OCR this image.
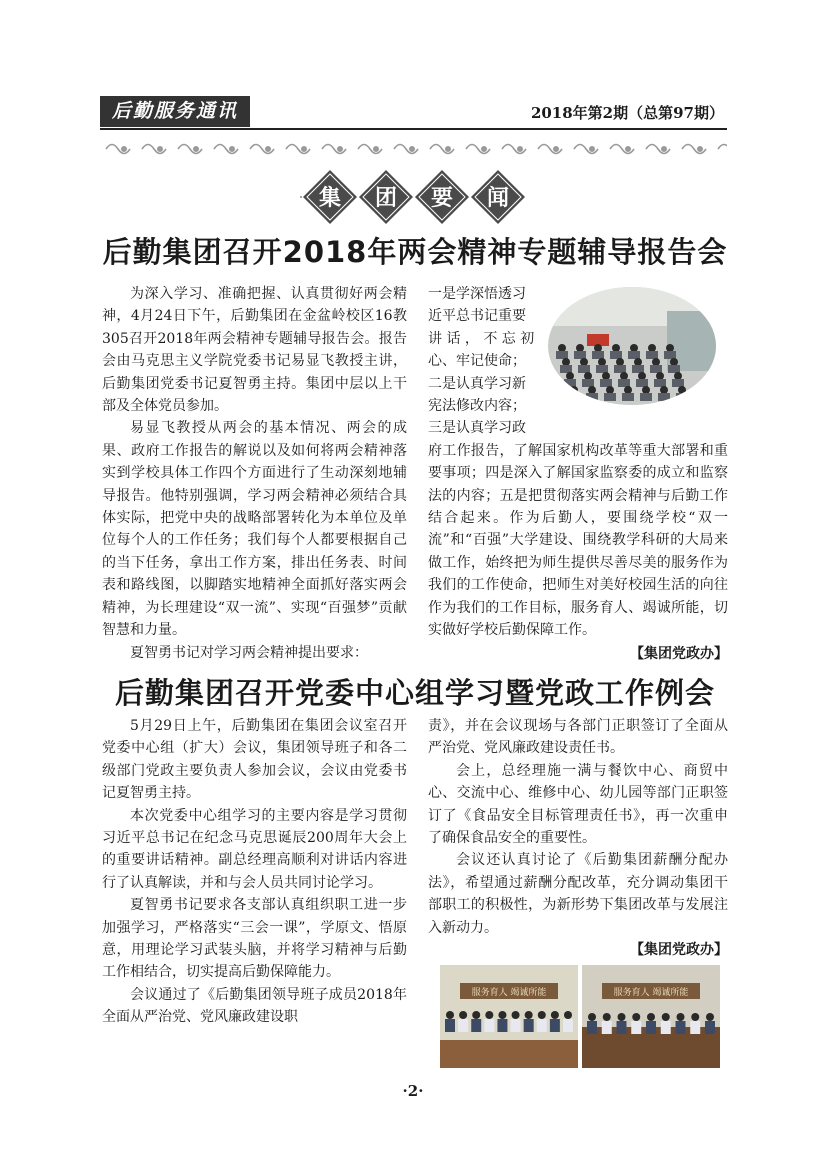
后勤服务通讯	2018年第2期（总第97期）
集 团 要 闻
后勤集团召开2018年两会精神专题辅导报告会

为深入学习、准确把握、认真贯彻好两会精神，4月24日下午，后勤集团在金盆岭校区16教305召开2018年两会精神专题辅导报告会。报告会由马克思主义学院党委书记易显飞教授主讲，后勤集团党委书记夏智勇主持。集团中层以上干部及全体党员参加。

易显飞教授从两会的基本情况、两会的成果、政府工作报告的解说以及如何将两会精神落实到学校具体工作四个方面进行了生动深刻地辅导报告。他特别强调，学习两会精神必须结合具体实际，把党中央的战略部署转化为本单位及单位每个人的工作任务；我们每个人都要根据自己的当下任务，拿出工作方案，排出任务表、时间表和路线图，以脚踏实地精神全面抓好落实两会精神，为长理建设“双一流”、实现“百强梦”贡献智慧和力量。

夏智勇书记对学习两会精神提出要求：

一是学深悟透习
近平总书记重要
讲 话 ， 不 忘 初
心、牢记使命；
二是认真学习新
宪法修改内容；
三是认真学习政

府工作报告，了解国家机构改革等重大部署和重要事项；四是深入了解国家监察委的成立和监察法的内容；五是把贯彻落实两会精神与后勤工作结合起来。作为后勤人，要围绕学校“双一流”和“百强”大学建设、围绕教学科研的大局来做工作，始终把为师生提供尽善尽美的服务作为我们的工作使命，把师生对美好校园生活的向往作为我们的工作目标，服务育人、竭诚所能，切实做好学校后勤保障工作。

【集团党政办】
后勤集团召开党委中心组学习暨党政工作例会

5月29日上午，后勤集团在集团会议室召开党委中心组（扩大）会议，集团领导班子和各二级部门党政主要负责人参加会议，会议由党委书记夏智勇主持。

本次党委中心组学习的主要内容是学习贯彻习近平总书记在纪念马克思诞辰200周年大会上的重要讲话精神。副总经理高顺利对讲话内容进行了认真解读，并和与会人员共同讨论学习。

夏智勇书记要求各支部认真组织职工进一步加强学习，严格落实“三会一课”，学原文、悟原意，用理论学习武装头脑，并将学习精神与后勤工作相结合，切实提高后勤保障能力。

会议通过了《后勤集团领导班子成员2018年全面从严治党、党风廉政建设职

责》，并在会议现场与各部门正职签订了全面从严治党、党风廉政建设责任书。

会上，总经理施一满与餐饮中心、商贸中心、交流中心、维修中心、幼儿园等部门正职签订了《食品安全目标管理责任书》，再一次重申了确保食品安全的重要性。

会议还认真讨论了《后勤集团薪酬分配办法》，希望通过薪酬分配改革，充分调动集团干部职工的积极性，为新形势下集团改革与发展注入新动力。

【集团党政办】
服务育人 竭诚所能	服务育人 竭诚所能
·2·
